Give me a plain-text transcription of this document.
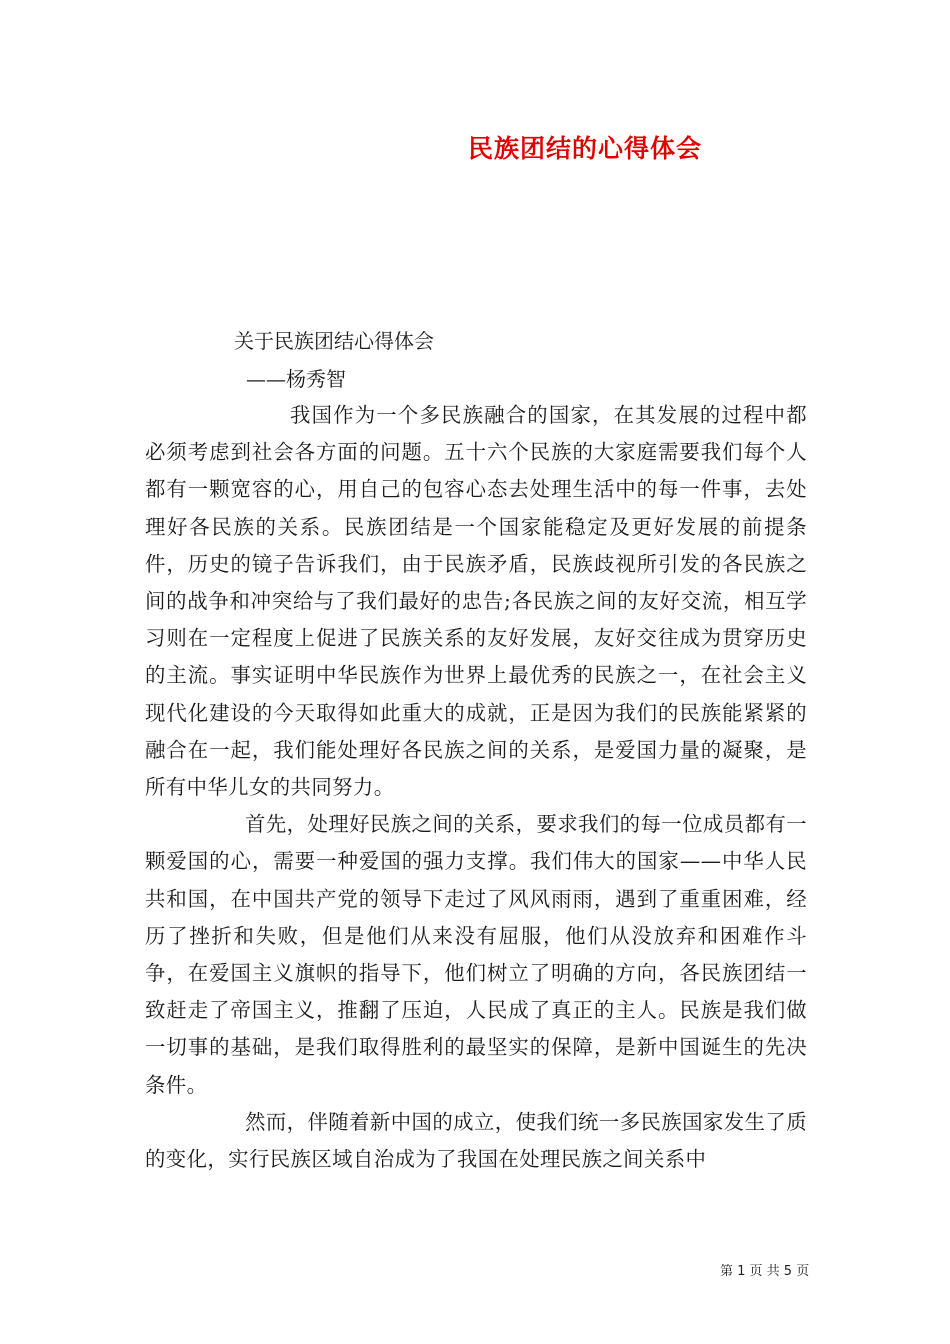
民族团结的心得体会
关于民族团结心得体会
——杨秀智

我国作为一个多民族融合的国家，在其发展的过程中都必须考虑到社会各方面的问题。五十六个民族的大家庭需要我们每个人都有一颗宽容的心，用自己的包容心态去处理生活中的每一件事，去处理好各民族的关系。民族团结是一个国家能稳定及更好发展的前提条件，历史的镜子告诉我们，由于民族矛盾，民族歧视所引发的各民族之间的战争和冲突给与了我们最好的忠告;各民族之间的友好交流，相互学习则在一定程度上促进了民族关系的友好发展，友好交往成为贯穿历史的主流。事实证明中华民族作为世界上最优秀的民族之一，在社会主义现代化建设的今天取得如此重大的成就，正是因为我们的民族能紧紧的融合在一起，我们能处理好各民族之间的关系，是爱国力量的凝聚，是所有中华儿女的共同努力。

首先，处理好民族之间的关系，要求我们的每一位成员都有一颗爱国的心，需要一种爱国的强力支撑。我们伟大的国家——中华人民共和国，在中国共产党的领导下走过了风风雨雨，遇到了重重困难，经历了挫折和失败，但是他们从来没有屈服，他们从没放弃和困难作斗争，在爱国主义旗帜的指导下，他们树立了明确的方向，各民族团结一致赶走了帝国主义，推翻了压迫，人民成了真正的主人。民族是我们做一切事的基础，是我们取得胜利的最坚实的保障，是新中国诞生的先决条件。

然而，伴随着新中国的成立，使我们统一多民族国家发生了质的变化，实行民族区域自治成为了我国在处理民族之间关系中

第 1 页 共 5 页
